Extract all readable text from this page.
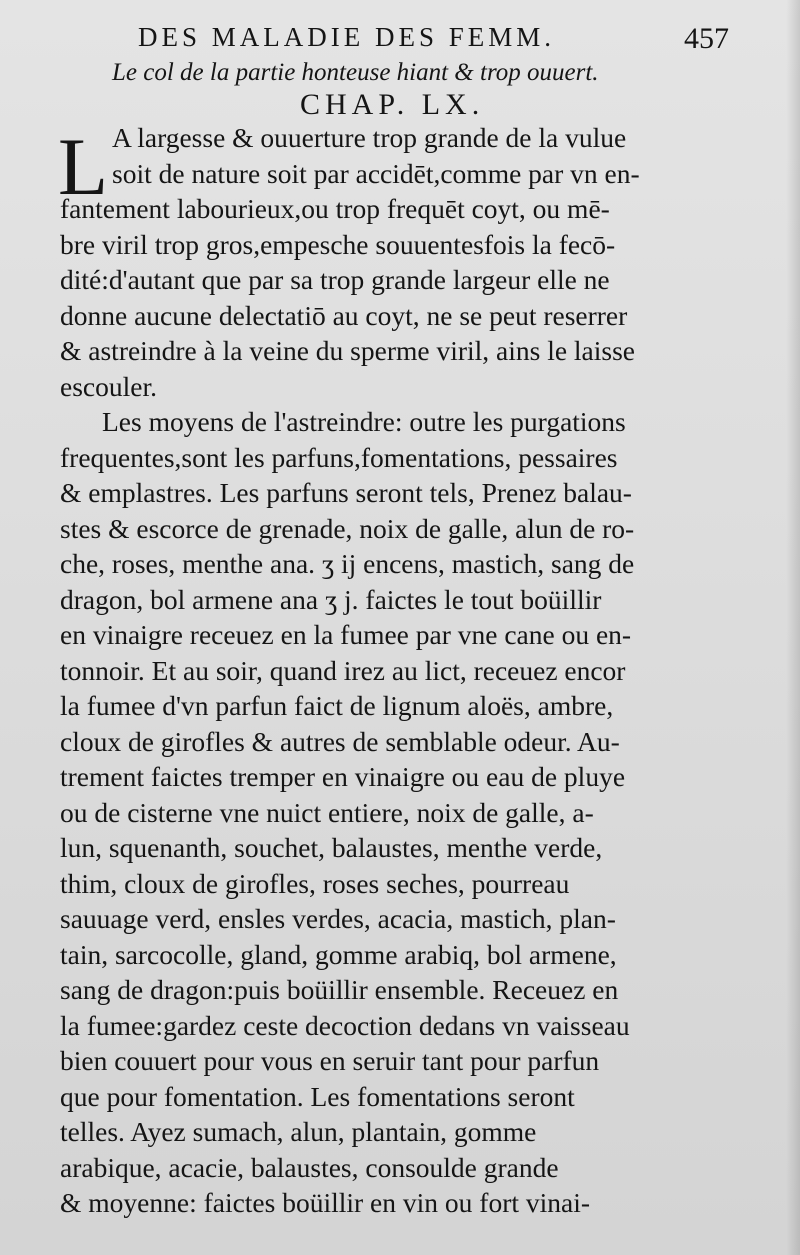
DES MALADIE DES FEMM.	457
Le col de la partie honteuse hiant & trop ouuert.
CHAP. LX.
L A largesse & ouuerture trop grande de la vulue
soit de nature soit par accidēt,comme par vn en-
fantement labourieux,ou trop frequēt coyt, ou mē-
bre viril trop gros,empesche souuentesfois la fecō-
dité:d'autant que par sa trop grande largeur elle ne
donne aucune delectatiō au coyt, ne se peut reserrer
& astreindre à la veine du sperme viril, ains le laisse
escouler.
Les moyens de l'astreindre: outre les purgations
frequentes,sont les parfuns,fomentations, pessaires
& emplastres. Les parfuns seront tels, Prenez balau-
stes & escorce de grenade, noix de galle, alun de ro-
che, roses, menthe ana. ʒ ij encens, mastich, sang de
dragon, bol armene ana ʒ j. faictes le tout boüillir
en vinaigre receuez en la fumee par vne cane ou en-
tonnoir. Et au soir, quand irez au lict, receuez encor
la fumee d'vn parfun faict de lignum aloës, ambre,
cloux de girofles & autres de semblable odeur. Au-
trement faictes tremper en vinaigre ou eau de pluye
ou de cisterne vne nuict entiere, noix de galle, a-
lun, squenanth, souchet, balaustes, menthe verde,
thim, cloux de girofles, roses seches, pourreau
sauuage verd, ensles verdes, acacia, mastich, plan-
tain, sarcocolle, gland, gomme arabiq, bol armene,
sang de dragon:puis boüillir ensemble. Receuez en
la fumee:gardez ceste decoction dedans vn vaisseau
bien couuert pour vous en seruir tant pour parfun
que pour fomentation. Les fomentations seront
telles. Ayez sumach, alun, plantain, gomme
arabique, acacie, balaustes, consoulde grande
& moyenne: faictes boüillir en vin ou fort vinai-
